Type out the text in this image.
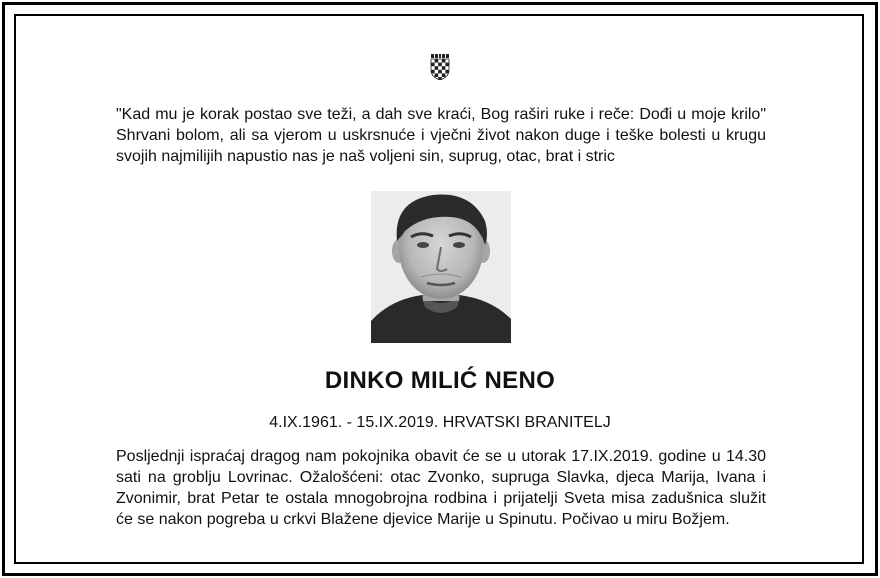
"Kad mu je korak postao sve teži, a dah sve kraći, Bog raširi ruke i reče: Dođi u moje krilo"
Shrvani bolom, ali sa vjerom u uskrsnuće i vječni život nakon duge i teške bolesti u krugu
svojih najmilijih napustio nas je naš voljeni sin, suprug, otac, brat i stric
DINKO MILIĆ NENO
4.IX.1961. - 15.IX.2019. HRVATSKI BRANITELJ
Posljednji ispraćaj dragog nam pokojnika obavit će se u utorak 17.IX.2019. godine u 14.30
sati na groblju Lovrinac. Ožalošćeni: otac Zvonko, supruga Slavka, djeca Marija, Ivana i
Zvonimir, brat Petar te ostala mnogobrojna rodbina i prijatelji Sveta misa zadušnica služit
će se nakon pogreba u crkvi Blažene djevice Marije u Spinutu. Počivao u miru Božjem.
